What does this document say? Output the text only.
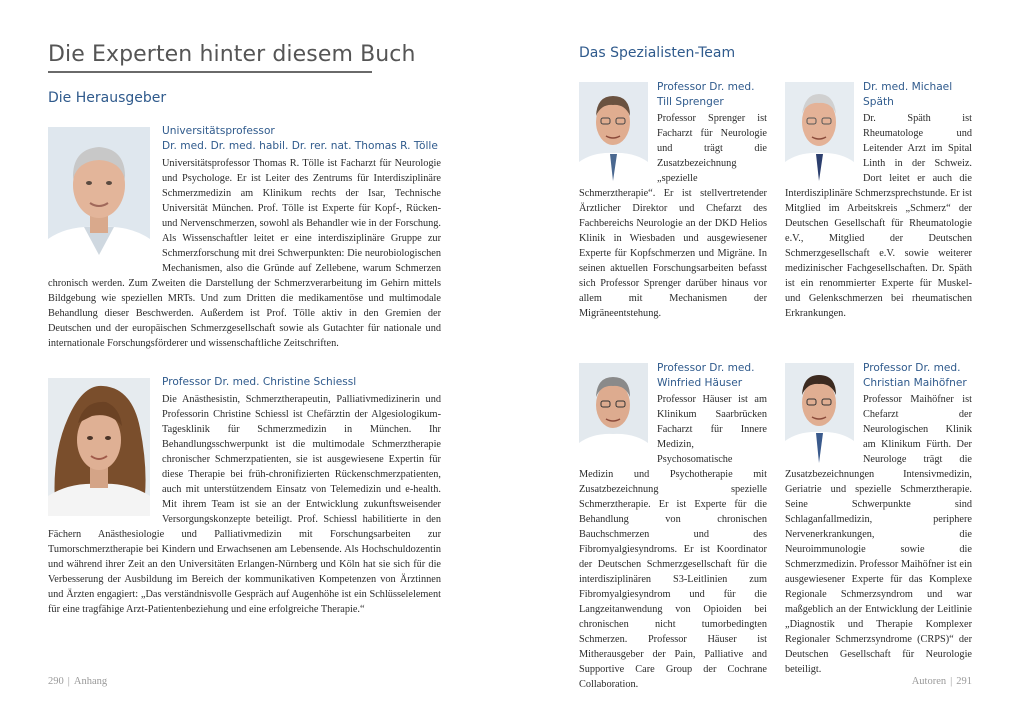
Die Experten hinter diesem Buch
Die Herausgeber
Universitätsprofessor
Dr. med. Dr. med. habil. Dr. rer. nat. Thomas R. Tölle

Universitätsprofessor Thomas R. Tölle ist Facharzt für Neurologie und Psychologe. Er ist Leiter des Zentrums für Interdisziplinäre Schmerzmedizin am Klinikum rechts der Isar, Technische Universität München. Prof. Tölle ist Experte für Kopf-, Rücken- und Nervenschmerzen, sowohl als Behandler wie in der Forschung. Als Wissenschaftler leitet er eine interdisziplinäre Gruppe zur Schmerzforschung mit drei Schwerpunkten: Die neurobiologischen Mechanismen, also die Gründe auf Zellebene, warum Schmerzen chronisch werden. Zum Zweiten die Darstellung der Schmerzverarbeitung im Gehirn mittels Bildgebung wie speziellen MRTs. Und zum Dritten die medikamentöse und multimodale Behandlung dieser Beschwerden. Außerdem ist Prof. Tölle aktiv in den Gremien der Deutschen und der europäischen Schmerzgesellschaft sowie als Gutachter für nationale und internationale Forschungsförderer und wissenschaftliche Zeitschriften.

Professor Dr. med. Christine Schiessl

Die Anästhesistin, Schmerztherapeutin, Palliativmedizinerin und Professorin Christine Schiessl ist Chefärztin der Algesiologikum-Tagesklinik für Schmerzmedizin in München. Ihr Behandlungsschwerpunkt ist die multimodale Schmerztherapie chronischer Schmerzpatienten, sie ist ausgewiesene Expertin für diese Therapie bei früh-chronifizierten Rückenschmerzpatienten, auch mit unterstützendem Einsatz von Telemedizin und e-health. Mit ihrem Team ist sie an der Entwicklung zukunftsweisender Versorgungskonzepte beteiligt. Prof. Schiessl habilitierte in den Fächern Anästhesiologie und Palliativmedizin mit Forschungsarbeiten zur Tumorschmerztherapie bei Kindern und Erwachsenen am Lebensende. Als Hochschuldozentin und während ihrer Zeit an den Universitäten Erlangen-Nürnberg und Köln hat sie sich für die Verbesserung der Ausbildung im Bereich der kommunikativen Kompetenzen von Ärztinnen und Ärzten engagiert: „Das verständnisvolle Gespräch auf Augenhöhe ist ein Schlüsselelement für eine tragfähige Arzt-Patientenbeziehung und eine erfolgreiche Therapie.“

Das Spezialisten-Team
Professor Dr. med.
Till Sprenger

Professor Sprenger ist Facharzt für Neurologie und trägt die Zusatzbezeichnung „spezielle Schmerztherapie“. Er ist stellvertretender Ärztlicher Direktor und Chefarzt des Fachbereichs Neurologie an der DKD Helios Klinik in Wiesbaden und ausgewiesener Experte für Kopfschmerzen und Migräne. In seinen aktuellen Forschungsarbeiten befasst sich Professor Sprenger darüber hinaus vor allem mit Mechanismen der Migräneentstehung.

Dr. med. Michael
Späth

Dr. Späth ist Rheumatologe und Leitender Arzt im Spital Linth in der Schweiz. Dort leitet er auch die Interdisziplinäre Schmerzsprechstunde. Er ist Mitglied im Arbeitskreis „Schmerz“ der Deutschen Gesellschaft für Rheumatologie e.V., Mitglied der Deutschen Schmerzgesellschaft e.V. sowie weiterer medizinischer Fachgesellschaften. Dr. Späth ist ein renommierter Experte für Muskel- und Gelenkschmerzen bei rheumatischen Erkrankungen.

Professor Dr. med.
Winfried Häuser

Professor Häuser ist am Klinikum Saarbrücken Facharzt für Innere Medizin, Psychosomatische Medizin und Psychotherapie mit Zusatzbezeichnung spezielle Schmerztherapie. Er ist Experte für die Behandlung von chronischen Bauchschmerzen und des Fibromyalgiesyndroms. Er ist Koordinator der Deutschen Schmerzgesellschaft für die interdisziplinären S3-Leitlinien zum Fibromyalgiesyndrom und für die Langzeitanwendung von Opioiden bei chronischen nicht tumorbedingten Schmerzen. Professor Häuser ist Mitherausgeber der Pain, Palliative and Supportive Care Group der Cochrane Collaboration.

Professor Dr. med.
Christian Maihöfner

Professor Maihöfner ist Chefarzt der Neurologischen Klinik am Klinikum Fürth. Der Neurologe trägt die Zusatzbezeichnungen Intensivmedizin, Geriatrie und spezielle Schmerztherapie. Seine Schwerpunkte sind Schlaganfallmedizin, periphere Nervenerkrankungen, die Neuroimmunologie sowie die Schmerzmedizin. Professor Maihöfner ist ein ausgewiesener Experte für das Komplexe Regionale Schmerzsyndrom und war maßgeblich an der Entwicklung der Leitlinie „Diagnostik und Therapie Komplexer Regionaler Schmerzsyndrome (CRPS)“ der Deutschen Gesellschaft für Neurologie beteiligt.

290 | Anhang	Autoren | 291
